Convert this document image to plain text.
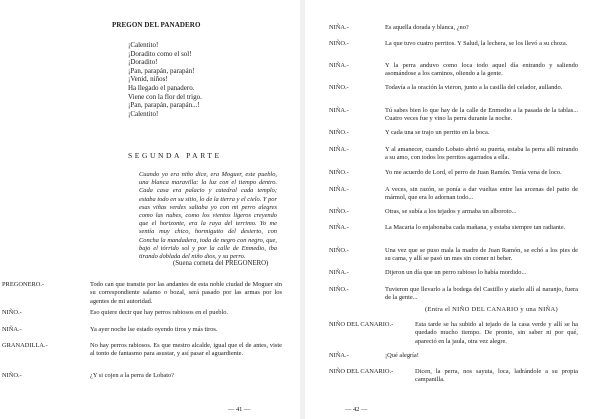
PREGON DEL PANADERO
¡Calentito!
¡Doradito como el sol!
¡Doradito!
¡Pan, parapán, parapán!
¡Venid, niños!
Ha llegado el panadero.
Viene con la flor del trigo.
¡Pan, parapán, parapán...!
¡Calentito!
SEGUNDA PARTE
Cuando yo era niño dice, era Moguer, este pueblo, una blanca maravilla: la luz con el tiempo dentro. Cada casa era palacio y catedral cada templo; estaba todo en su sitio, lo de la tierra y el cielo. Y por esas viñas verdes saltaba yo con mi perro alegres como las nubes, como los vientos ligeros creyendo que el horizonte, era la raya del terrimo. Yo me sentía muy chico, hormiguito del desierto, con Concha la mandadera, toda de negro con negro, que, bajo el tórrido sol y por la calle de Enmedio, iba tirando doblada del niño dios, y su perro.
(Suena corneta del PREGONERO)
PREGONERO.-	Todo can que transite por las andantes de esta noble ciudad de Moguer sin su correspondiente salamo o bozal, será pasado por las armas por los agentes de mi autoridad.
NIÑO.-	Eso quiere decir que hay perros rabiosos en el pueblo.
NIÑA.-	Ya ayer noche lse estado oyendo tiros y más tiros.
GRANADILLA.-	No hay perros rabiosos. Es que mestro alcalde, igual que el de antes, viste al tonto de fantasmo para asustar, y así pasar el aguardiente.
NIÑO.-	¿Y si cojen a la perra de Lobato?
— 41 —
NIÑA.-	Es aquella dorada y blanca, ¿no?
NIÑO.-	La que tuvo cuatro perritos. Y Salud, la lechera, se los llevó a su choza.
NIÑA.-	Y la perra anduvo como loca todo aquel día entrando y saliendo asomándose a los caminos, oliendo a la gente.
NIÑO.-	Todavía a la oración la vieron, junto a la casilla del celador, aullando.
NIÑA.-	Tú sabes bien lo que hay de la calle de Enmedio a la pasada de la tablas... Cuatro veces fue y vino la perra durante la noche.
NIÑO.-	Y cada una se trajo un perrito en la boca.
NIÑA.-	Y al amanecer, cuando Lobato abrió su puerta, estaba la perra allí mirando a su amo, con todos los perritos agarrados a ella.
NIÑO.-	Yo me acuerdo de Lord, el perro de Juan Ramón. Tenía vena de loco.
NIÑA.-	A veces, sin razón, se ponía a dar vueltas entre las arcenas del patio de mármol, que era lo adornan todo...
NIÑO.-	Otras, se subía a los tejados y armaba un alboroto...
NIÑA.-	La Macaria lo enjabonaba cada mañana, y estaba siempre tan radiante.
NIÑO.-	Una vez que se puso mala la madre de Juan Ramón, se echó a los pies de su cama, y allí se pasó un mes sin comer ni beber.
NIÑA.-	Dijeron un día que un perro rabioso lo había mordido...
NIÑO.-	Tuvieron que llevarlo a la bodega del Castillo y atarlo allí al naranjo, fuera de la gente...
(Entra el NIÑO DEL CANARIO y una NIÑA)
NIÑO DEL CANARIO.-	Esta tarde se ha subido al tejado de la casa verde y allí se ha quedado mucho tiempo. De pronto, sin saber ni por qué, apareció en la jaula, otra vez alegre.
NIÑA.-	¡Qué alegría!
NIÑO DEL CANARIO.-	Dicen, la perra, nos sayuta, loca, ladrándole a su propia campanilla.
— 42 —
